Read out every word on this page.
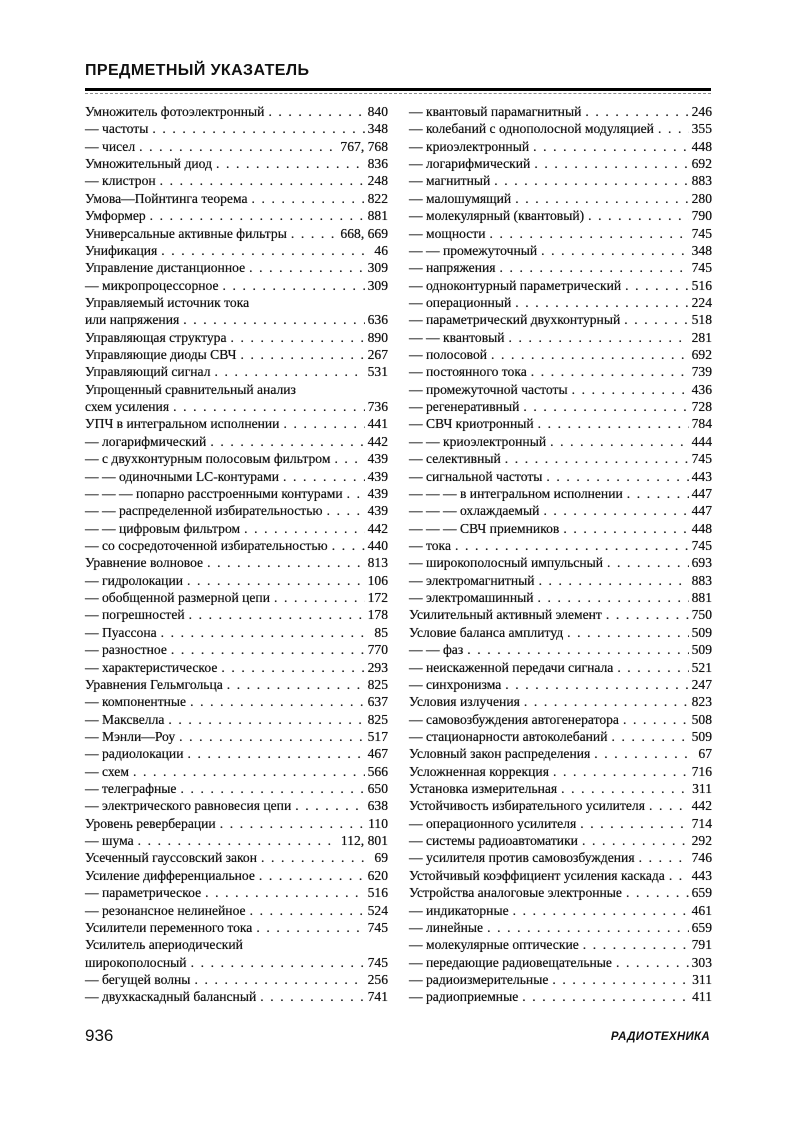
ПРЕДМЕТНЫЙ УКАЗАТЕЛЬ
Умножитель фотоэлектронный . . .	840
— частоты . . .	348
— чисел . . .	767, 768
Умножительный диод . . .	836
— клистрон . . .	248
Умова—Пойнтинга теорема . . .	822
Умформер . . .	881
Универсальные активные фильтры . . .	668, 669
Унификация . . .	46
Управление дистанционное . . .	309
— микропроцессорное . . .	309
Управляемый источник тока
или напряжения . . .	636
Управляющая структура . . .	890
Управляющие диоды СВЧ . . .	267
Управляющий сигнал . . .	531
Упрощенный сравнительный анализ
схем усиления . . .	736
УПЧ в интегральном исполнении . . .	441
— логарифмический . . .	442
— с двухконтурным полосовым фильтром . . .	439
— — одиночными LC-контурами . . .	439
— — — попарно расстроенными контурами . . . 439
— — распределенной избирательностью . . .	439
— — цифровым фильтром . . .	442
— со сосредоточенной избирательностью . . .	440
Уравнение волновое . . .	813
— гидролокации . . .	106
— обобщенной размерной цепи . . .	172
— погрешностей . . .	178
— Пуассона . . .	85
— разностное . . .	770
— характеристическое . . .	293
Уравнения Гельмгольца . . .	825
— компонентные . . .	637
— Максвелла . . .	825
— Мэнли—Роу . . .	517
— радиолокации . . .	467
— схем . . .	566
— телеграфные . . .	650
— электрического равновесия цепи . . .	638
Уровень реверберации . . .	110
— шума . . .	112, 801
Усеченный гауссовский закон . . .	69
Усиление дифференциальное . . .	620
— параметрическое . . .	516
— резонансное нелинейное . . .	524
Усилители переменного тока . . .	745
Усилитель апериодический
широкополосный . . .	745
— бегущей волны . . .	256
— двухкаскадный балансный . . .	741
— квантовый парамагнитный . . .	246
— колебаний с однополосной модуляцией . . .	355
— криоэлектронный . . .	448
— логарифмический . . .	692
— магнитный . . .	883
— малошумящий . . .	280
— молекулярный (квантовый) . . .	790
— мощности . . .	745
— — промежуточный . . .	348
— напряжения . . .	745
— одноконтурный параметрический . . .	516
— операционный . . .	224
— параметрический двухконтурный . . .	518
— — квантовый . . .	281
— полосовой . . .	692
— постоянного тока . . .	739
— промежуточной частоты . . .	436
— регенеративный . . .	728
— СВЧ криотронный . . .	784
— — криоэлектронный . . .	444
— селективный . . .	745
— сигнальной частоты . . .	443
— — — в интегральном исполнении . . .	447
— — — охлаждаемый . . .	447
— — — СВЧ приемников . . .	448
— тока . . .	745
— широкополосный импульсный . . .	693
— электромагнитный . . .	883
— электромашинный . . .	881
Усилительный активный элемент . . .	750
Условие баланса амплитуд . . .	509
— — фаз . . .	509
— неискаженной передачи сигнала . . .	521
— синхронизма . . .	247
Условия излучения . . .	823
— самовозбуждения автогенератора . . .	508
— стационарности автоколебаний . . .	509
Условный закон распределения . . .	67
Усложненная коррекция . . .	716
Установка измерительная . . .	311
Устойчивость избирательного усилителя . . .	442
— операционного усилителя . . .	714
— системы радиоавтоматики . . .	292
— усилителя против самовозбуждения . . .	746
Устойчивый коэффициент усиления каскада . . . 443
Устройства аналоговые электронные . . .	659
— индикаторные . . .	461
— линейные . . .	659
— молекулярные оптические . . .	791
— передающие радиовещательные . . .	303
— радиоизмерительные . . .	311
— радиоприемные . . .	411
936	РАДИОТЕХНИКА
